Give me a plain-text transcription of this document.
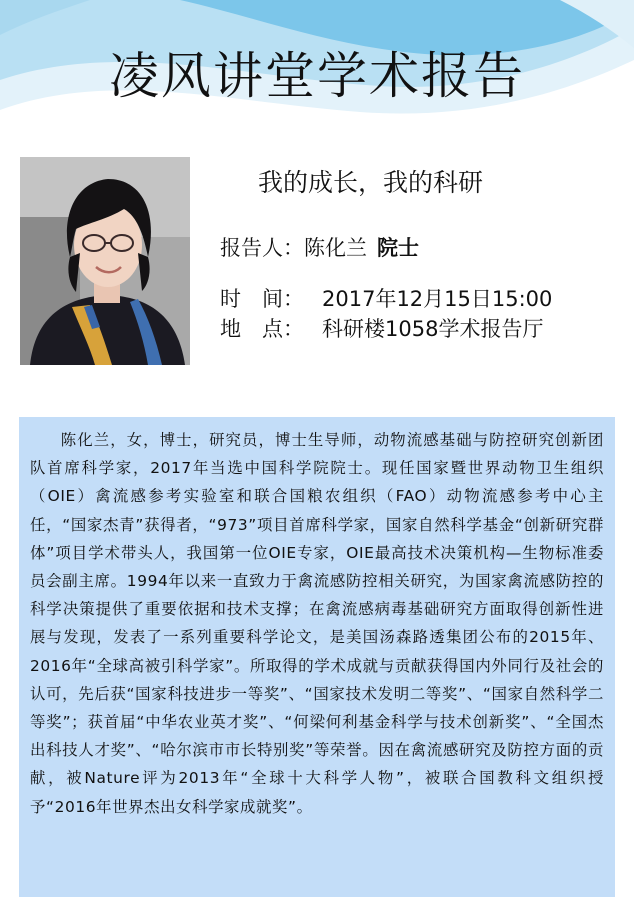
凌风讲堂学术报告
我的成长，我的科研
报告人：陈化兰 院士
时　间： 2017年12月15日15:00
地　点： 科研楼1058学术报告厅

陈化兰，女，博士，研究员，博士生导师，动物流感基础与防控研究创新团队首席科学家，2017年当选中国科学院院士。现任国家暨世界动物卫生组织（OIE）禽流感参考实验室和联合国粮农组织（FAO）动物流感参考中心主任，“国家杰青”获得者，“973”项目首席科学家，国家自然科学基金“创新研究群体”项目学术带头人，我国第一位OIE专家，OIE最高技术决策机构—生物标准委员会副主席。1994年以来一直致力于禽流感防控相关研究，为国家禽流感防控的科学决策提供了重要依据和技术支撑；在禽流感病毒基础研究方面取得创新性进展与发现，发表了一系列重要科学论文，是美国汤森路透集团公布的2015年、2016年“全球高被引科学家”。所取得的学术成就与贡献获得国内外同行及社会的认可，先后获“国家科技进步一等奖”、“国家技术发明二等奖”、“国家自然科学二等奖”；获首届“中华农业英才奖”、“何梁何利基金科学与技术创新奖”、“全国杰出科技人才奖”、“哈尔滨市市长特别奖”等荣誉。因在禽流感研究及防控方面的贡献，被Nature评为2013年“全球十大科学人物”，被联合国教科文组织授予“2016年世界杰出女科学家成就奖”。
